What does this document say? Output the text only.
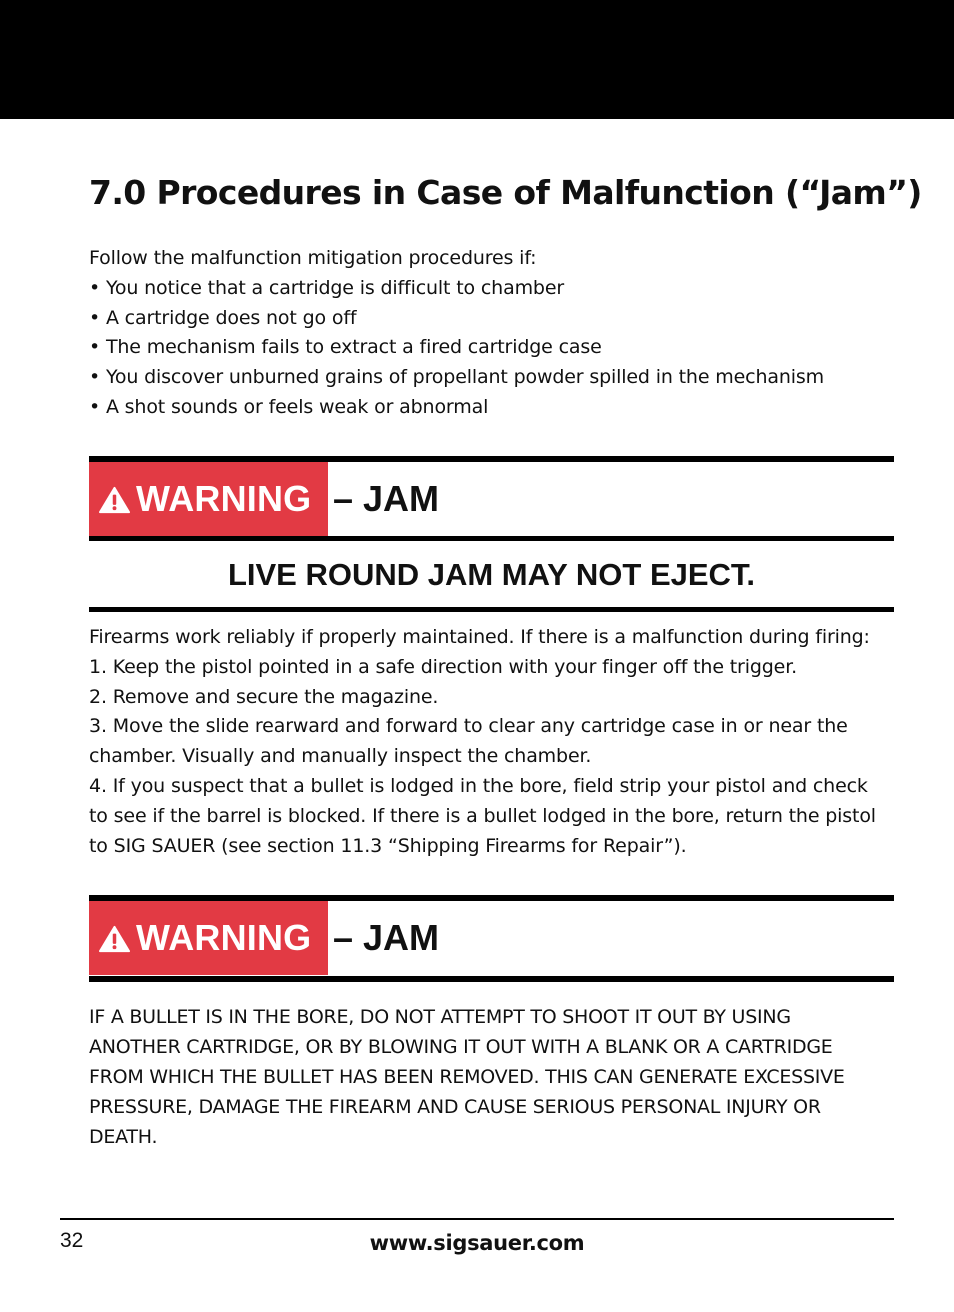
7.0 Procedures in Case of Malfunction (“Jam”)
Follow the malfunction mitigation procedures if:
• You notice that a cartridge is difficult to chamber
• A cartridge does not go off
• The mechanism fails to extract a fired cartridge case
• You discover unburned grains of propellant powder spilled in the mechanism
• A shot sounds or feels weak or abnormal
WARNING – JAM
LIVE ROUND JAM MAY NOT EJECT.
Firearms work reliably if properly maintained. If there is a malfunction during firing:
1. Keep the pistol pointed in a safe direction with your finger off the trigger.
2. Remove and secure the magazine.
3. Move the slide rearward and forward to clear any cartridge case in or near the chamber. Visually and manually inspect the chamber.
4. If you suspect that a bullet is lodged in the bore, field strip your pistol and check to see if the barrel is blocked. If there is a bullet lodged in the bore, return the pistol to SIG SAUER (see section 11.3 “Shipping Firearms for Repair”).
WARNING – JAM
IF A BULLET IS IN THE BORE, DO NOT ATTEMPT TO SHOOT IT OUT BY USING
ANOTHER CARTRIDGE, OR BY BLOWING IT OUT WITH A BLANK OR A CARTRIDGE
FROM WHICH THE BULLET HAS BEEN REMOVED. THIS CAN GENERATE EXCESSIVE
PRESSURE, DAMAGE THE FIREARM AND CAUSE SERIOUS PERSONAL INJURY OR
DEATH.
32	www.sigsauer.com
